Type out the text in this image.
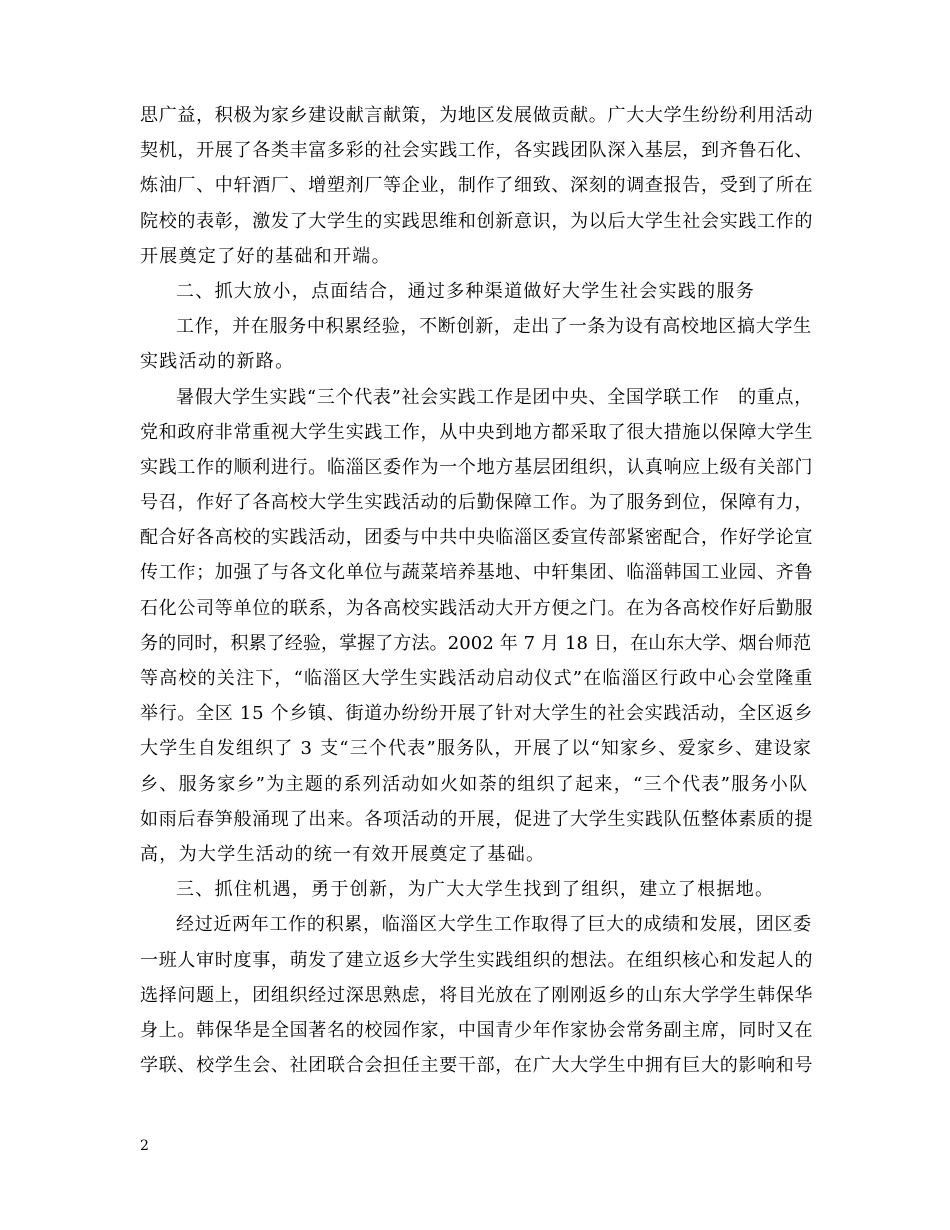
思广益，积极为家乡建设献言献策，为地区发展做贡献。广大大学生纷纷利用活动
契机，开展了各类丰富多彩的社会实践工作，各实践团队深入基层，到齐鲁石化、
炼油厂、中轩酒厂、增塑剂厂等企业，制作了细致、深刻的调查报告，受到了所在
院校的表彰，激发了大学生的实践思维和创新意识，为以后大学生社会实践工作的
开展奠定了好的基础和开端。
二、抓大放小，点面结合，通过多种渠道做好大学生社会实践的服务
工作，并在服务中积累经验，不断创新，走出了一条为设有高校地区搞大学生
实践活动的新路。
暑假大学生实践“三个代表”社会实践工作是团中央、全国学联工作　的重点，
党和政府非常重视大学生实践工作，从中央到地方都采取了很大措施以保障大学生
实践工作的顺利进行。临淄区委作为一个地方基层团组织，认真响应上级有关部门
号召，作好了各高校大学生实践活动的后勤保障工作。为了服务到位，保障有力，
配合好各高校的实践活动，团委与中共中央临淄区委宣传部紧密配合，作好学论宣
传工作；加强了与各文化单位与蔬菜培养基地、中轩集团、临淄韩国工业园、齐鲁
石化公司等单位的联系，为各高校实践活动大开方便之门。在为各高校作好后勤服
务的同时，积累了经验，掌握了方法。2002 年 7 月 18 日，在山东大学、烟台师范
等高校的关注下，“临淄区大学生实践活动启动仪式”在临淄区行政中心会堂隆重
举行。全区 15 个乡镇、街道办纷纷开展了针对大学生的社会实践活动，全区返乡
大学生自发组织了 3 支“三个代表”服务队，开展了以“知家乡、爱家乡、建设家
乡、服务家乡”为主题的系列活动如火如荼的组织了起来，“三个代表”服务小队
如雨后春笋般涌现了出来。各项活动的开展，促进了大学生实践队伍整体素质的提
高，为大学生活动的统一有效开展奠定了基础。
三、抓住机遇，勇于创新，为广大大学生找到了组织，建立了根据地。
经过近两年工作的积累，临淄区大学生工作取得了巨大的成绩和发展，团区委
一班人审时度事，萌发了建立返乡大学生实践组织的想法。在组织核心和发起人的
选择问题上，团组织经过深思熟虑，将目光放在了刚刚返乡的山东大学学生韩保华
身上。韩保华是全国著名的校园作家，中国青少年作家协会常务副主席，同时又在
学联、校学生会、社团联合会担任主要干部，在广大大学生中拥有巨大的影响和号
2
